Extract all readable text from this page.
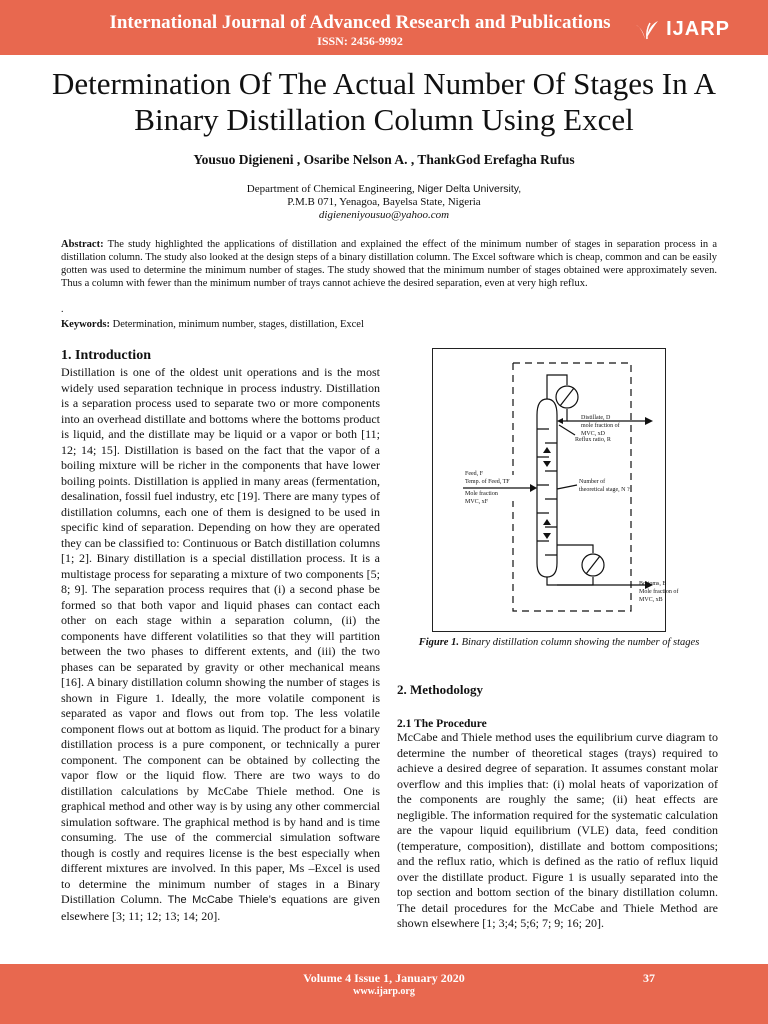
International Journal of Advanced Research and Publications
ISSN: 2456-9992
IJARP
Determination Of The Actual Number Of Stages In A Binary Distillation Column Using Excel
Yousuo Digieneni , Osaribe Nelson A. , ThankGod Erefagha Rufus
Department of Chemical Engineering, Niger Delta University,
P.M.B 071, Yenagoa, Bayelsa State, Nigeria
digieneniyousuo@yahoo.com
Abstract: The study highlighted the applications of distillation and explained the effect of the minimum number of stages in separation process in a distillation column. The study also looked at the design steps of a binary distillation column. The Excel software which is cheap, common and can be easily gotten was used to determine the minimum number of stages. The study showed that the minimum number of stages obtained were approximately seven. Thus a column with fewer than the minimum number of trays cannot achieve the desired separation, even at very high reflux.
.
Keywords: Determination, minimum number, stages, distillation, Excel
1. Introduction

Distillation is one of the oldest unit operations and is the most widely used separation technique in process industry. Distillation is a separation process used to separate two or more components into an overhead distillate and bottoms where the bottoms product is liquid, and the distillate may be liquid or a vapor or both [11; 12; 14; 15]. Distillation is based on the fact that the vapor of a boiling mixture will be richer in the components that have lower boiling points. Distillation is applied in many areas (fermentation, desalination, fossil fuel industry, etc [19]. There are many types of distillation columns, each one of them is designed to be used in specific kind of separation. Depending on how they are operated they can be classified to: Continuous or Batch distillation columns [1; 2]. Binary distillation is a special distillation process. It is a multistage process for separating a mixture of two components [5; 8; 9]. The separation process requires that (i) a second phase be formed so that both vapor and liquid phases can contact each other on each stage within a separation column, (ii) the components have different volatilities so that they will partition between the two phases to different extents, and (iii) the two phases can be separated by gravity or other mechanical means [16]. A binary distillation column showing the number of stages is shown in Figure 1. Ideally, the more volatile component is separated as vapor and flows out from top. The less volatile component flows out at bottom as liquid. The product for a binary distillation process is a pure component, or technically a purer component. The component can be obtained by collecting the vapor flow or the liquid flow. There are two ways to do distillation calculations by McCabe Thiele method. One is graphical method and other way is by using any other commercial simulation software. The graphical method is by hand and is time consuming. The use of the commercial simulation software though is costly and requires license is the best especially when different mixtures are involved. In this paper, Ms –Excel is used to determine the minimum number of stages in a Binary Distillation Column. The McCabe Thiele’s equations are given elsewhere [3; 11; 12; 13; 14; 20].

Distillate, D
mole fraction of
MVC, xD
Reflux ratio, R
Feed, F
Temp. of Feed, TF
Mole fraction
MVC, xF
Number of
theoretical stage, N ?
Bottoms, B
Mole fraction of
MVC, xB
Figure 1. Binary distillation column showing the number of stages
2. Methodology
2.1 The Procedure

McCabe and Thiele method uses the equilibrium curve diagram to determine the number of theoretical stages (trays) required to achieve a desired degree of separation. It assumes constant molar overflow and this implies that: (i) molal heats of vaporization of the components are roughly the same; (ii) heat effects are negligible. The information required for the systematic calculation are the vapour liquid equilibrium (VLE) data, feed condition (temperature, composition), distillate and bottom compositions; and the reflux ratio, which is defined as the ratio of reflux liquid over the distillate product. Figure 1 is usually separated into the top section and bottom section of the binary distillation column. The detail procedures for the McCabe and Thiele Method are shown elsewhere [1; 3;4; 5;6; 7; 9; 16; 20].

Volume 4 Issue 1, January 2020	37
www.ijarp.org
